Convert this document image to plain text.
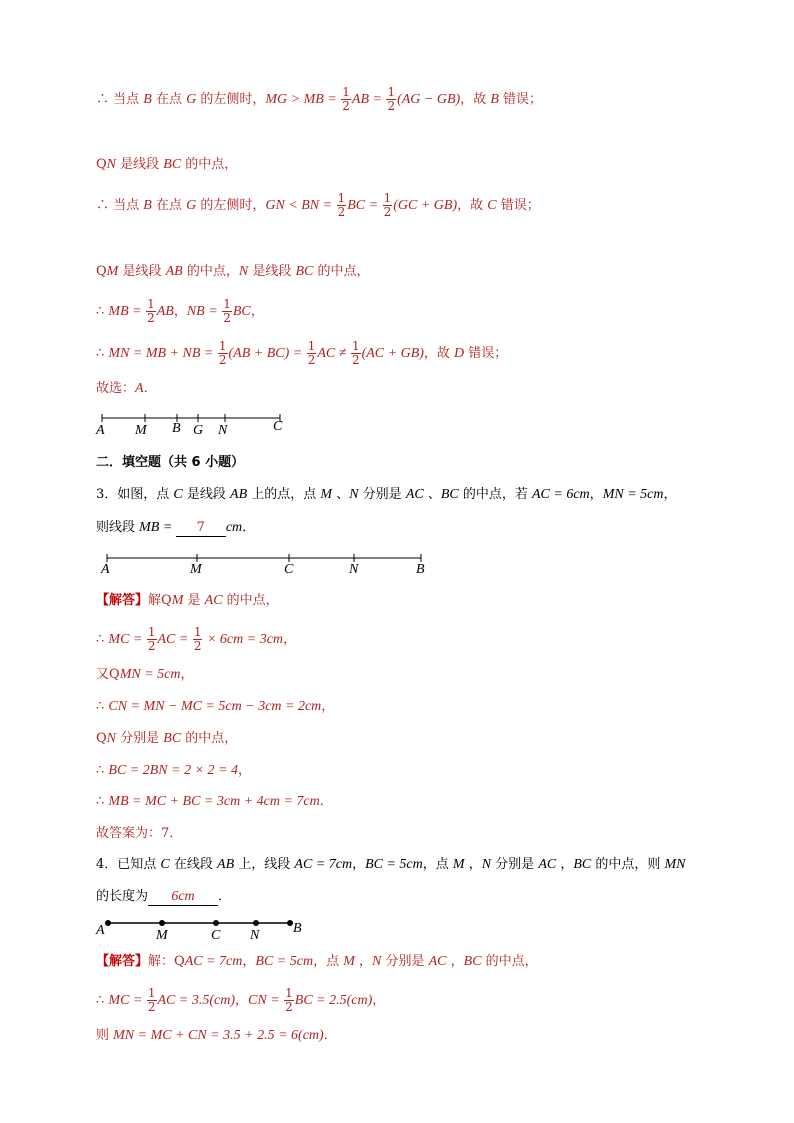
∴ 当点 B 在点 G 的左侧时，MG > MB = $\frac{1}{2}$ AB = $\frac{1}{2} (AG - GB)$，故 B 错误；
QN 是线段 BC 的中点，
∴ 当点 B 在点 G 的左侧时，GN < BN = $\frac{1}{2}$ BC = $\frac{1}{2} (GC + GB)$，故 C 错误；
QM 是线段 AB 的中点，N 是线段 BC 的中点，
∴ MB = $\frac{1}{2}$ AB，NB = $\frac{1}{2}$ BC，
∴ MN = MB + NB = $\frac{1}{2} (AB + BC) = \frac{1}{2}$ AC ≠ $\frac{1}{2} (AC + GB)$，故 D 错误；
故选：A．
A M B G N	C
二．填空题（共 6 小题）
3．如图，点 C 是线段 AB 上的点，点 M 、N 分别是 AC 、BC 的中点，若 AC = 6cm，MN = 5cm，
则线段 MB = 7 cm．
A	M	C	N	B
【解答】解QM 是 AC 的中点，
∴ MC = $\frac{1}{2}$ AC = $\frac{1}{2} \times 6cm = 3cm$，
又QMN = 5cm，
∴ CN = MN − MC = 5cm − 3cm = 2cm，
QN 分别是 BC 的中点，
∴ BC = 2BN = 2 × 2 = 4，
∴ MB = MC + BC = 3cm + 4cm = 7cm．
故答案为：7．
4．已知点 C 在线段 AB 上，线段 AC = 7cm，BC = 5cm，点 M ，N 分别是 AC ，BC 的中点，则 MN
的长度为 6cm ．
A	M	C N B
【解答】解：QAC = 7cm，BC = 5cm，点 M ，N 分别是 AC ，BC 的中点，
∴ MC = $\frac{1}{2}$ AC = 3.5(cm)，CN = $\frac{1}{2}$ BC = 2.5(cm)，
则 MN = MC + CN = 3.5 + 2.5 = 6(cm)．
